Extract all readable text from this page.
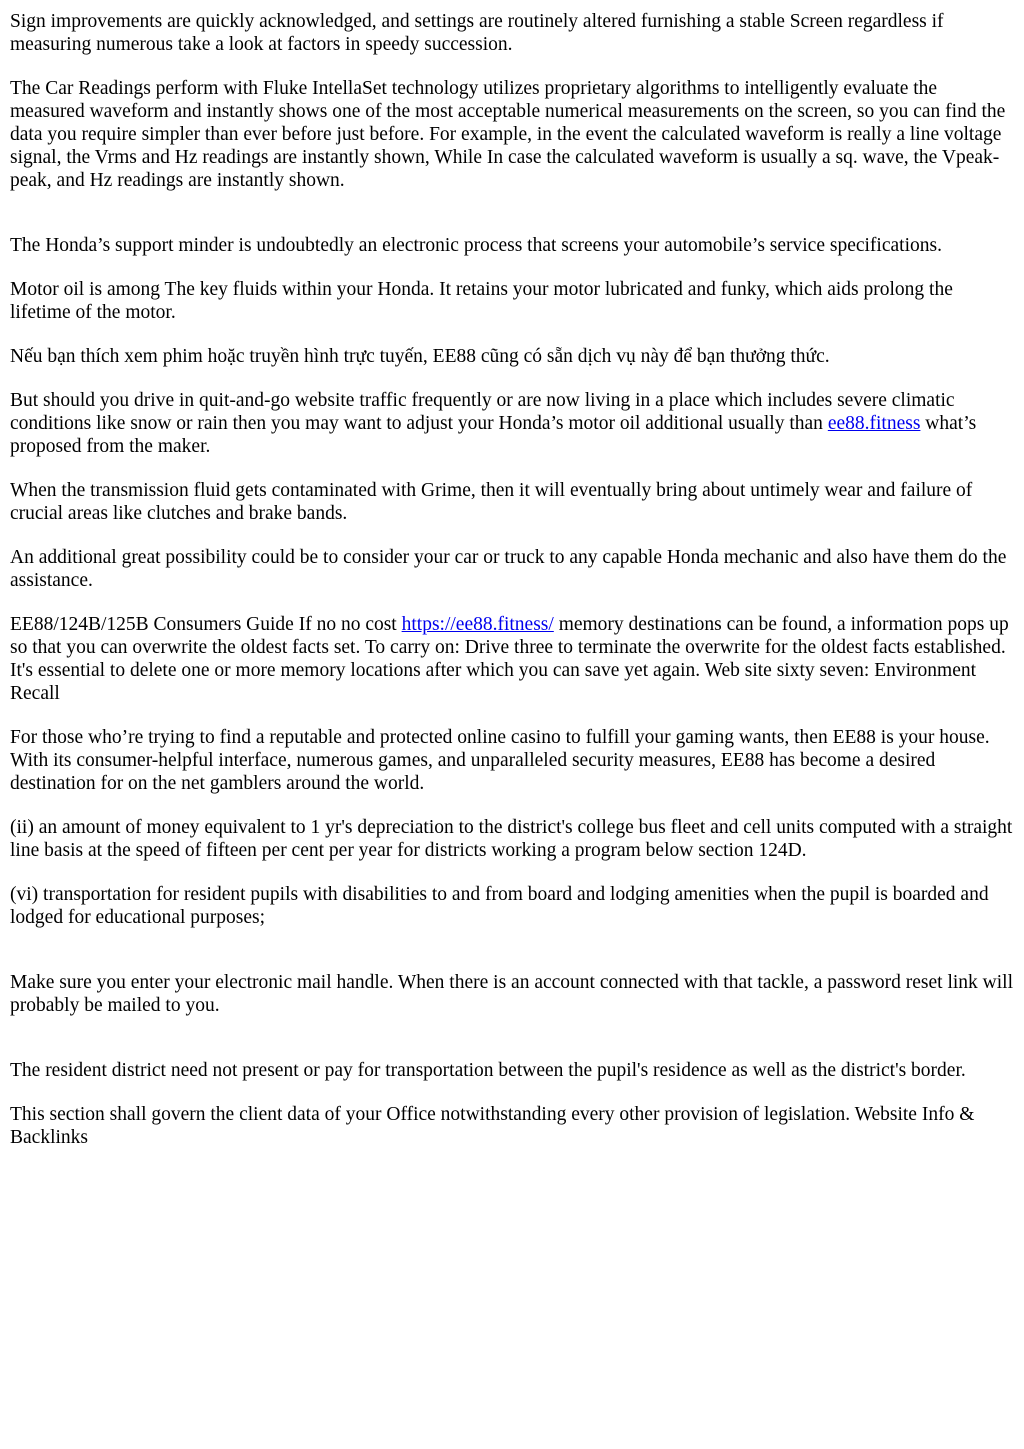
Sign improvements are quickly acknowledged, and settings are routinely altered furnishing a stable Screen regardless if measuring numerous take a look at factors in speedy succession.

The Car Readings perform with Fluke IntellaSet technology utilizes proprietary algorithms to intelligently evaluate the measured waveform and instantly shows one of the most acceptable numerical measurements on the screen, so you can find the data you require simpler than ever before just before. For example, in the event the calculated waveform is really a line voltage signal, the Vrms and Hz readings are instantly shown, While In case the calculated waveform is usually a sq. wave, the Vpeak-peak, and Hz readings are instantly shown.

The Honda’s support minder is undoubtedly an electronic process that screens your automobile’s service specifications.

Motor oil is among The key fluids within your Honda. It retains your motor lubricated and funky, which aids prolong the lifetime of the motor.

Nếu bạn thích xem phim hoặc truyền hình trực tuyến, EE88 cũng có sẵn dịch vụ này để bạn thưởng thức.

But should you drive in quit-and-go website traffic frequently or are now living in a place which includes severe climatic conditions like snow or rain then you may want to adjust your Honda’s motor oil additional usually than ee88.fitness what’s proposed from the maker.

When the transmission fluid gets contaminated with Grime, then it will eventually bring about untimely wear and failure of crucial areas like clutches and brake bands.

An additional great possibility could be to consider your car or truck to any capable Honda mechanic and also have them do the assistance.

EE88/124B/125B Consumers Guide If no no cost https://ee88.fitness/ memory destinations can be found, a information pops up so that you can overwrite the oldest facts set. To carry on: Drive three to terminate the overwrite for the oldest facts established. It's essential to delete one or more memory locations after which you can save yet again. Web site sixty seven: Environment Recall

For those who’re trying to find a reputable and protected online casino to fulfill your gaming wants, then EE88 is your house. With its consumer-helpful interface, numerous games, and unparalleled security measures, EE88 has become a desired destination for on the net gamblers around the world.

(ii) an amount of money equivalent to 1 yr's depreciation to the district's college bus fleet and cell units computed with a straight line basis at the speed of fifteen per cent per year for districts working a program below section 124D.

(vi) transportation for resident pupils with disabilities to and from board and lodging amenities when the pupil is boarded and lodged for educational purposes;

Make sure you enter your electronic mail handle. When there is an account connected with that tackle, a password reset link will probably be mailed to you.

The resident district need not present or pay for transportation between the pupil's residence as well as the district's border.

This section shall govern the client data of your Office notwithstanding every other provision of legislation. Website Info & Backlinks
